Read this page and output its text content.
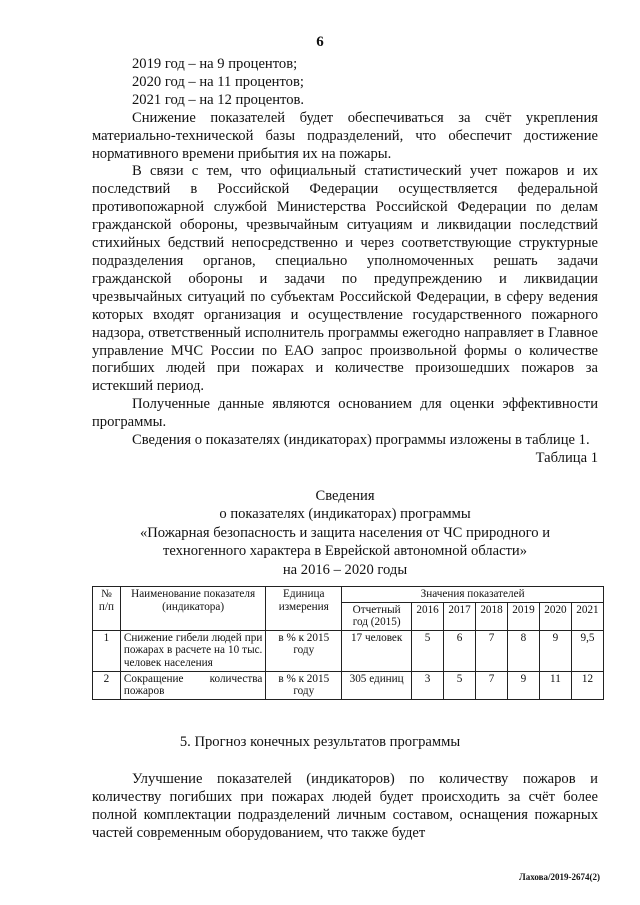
6

2019 год – на 9 процентов;

2020 год – на 11 процентов;

2021 год – на 12 процентов.

Снижение показателей будет обеспечиваться за счёт укрепления материально-технической базы подразделений, что обеспечит достижение нормативного времени прибытия их на пожары.

В связи с тем, что официальный статистический учет пожаров и их последствий в Российской Федерации осуществляется федеральной противопожарной службой Министерства Российской Федерации по делам гражданской обороны, чрезвычайным ситуациям и ликвидации последствий стихийных бедствий непосредственно и через соответствующие структурные подразделения органов, специально уполномоченных решать задачи гражданской обороны и задачи по предупреждению и ликвидации чрезвычайных ситуаций по субъектам Российской Федерации, в сферу ведения которых входят организация и осуществление государственного пожарного надзора, ответственный исполнитель программы ежегодно направляет в Главное управление МЧС России по ЕАО запрос произвольной формы о количестве погибших людей при пожарах и количестве произошедших пожаров за истекший период.

Полученные данные являются основанием для оценки эффективности программы.

Сведения о показателях (индикаторах) программы изложены в таблице 1.

Таблица 1

Сведения
о показателях (индикаторах) программы
«Пожарная безопасность и защита населения от ЧС природного и
техногенного характера в Еврейской автономной области»
на 2016 – 2020 годы
№ п/п	Наименование показателя (индикатора)	Единица измерения	Значения показателей						
			Отчетный год (2015)	2016	2017	2018	2019	2020	2021
1	Снижение гибели людей при пожарах в расчете на 10 тыс. человек населения	в % к 2015 году	17 человек	5	6	7	8	9	9,5
2	Сокращение количества пожаров	в % к 2015 году	305 единиц	3	5	7	9	11	12
5. Прогноз конечных результатов программы

Улучшение показателей (индикаторов) по количеству пожаров и количеству погибших при пожарах людей будет происходить за счёт более полной комплектации подразделений личным составом, оснащения пожарных частей современным оборудованием, что также будет

Лахова/2019-2674(2)
